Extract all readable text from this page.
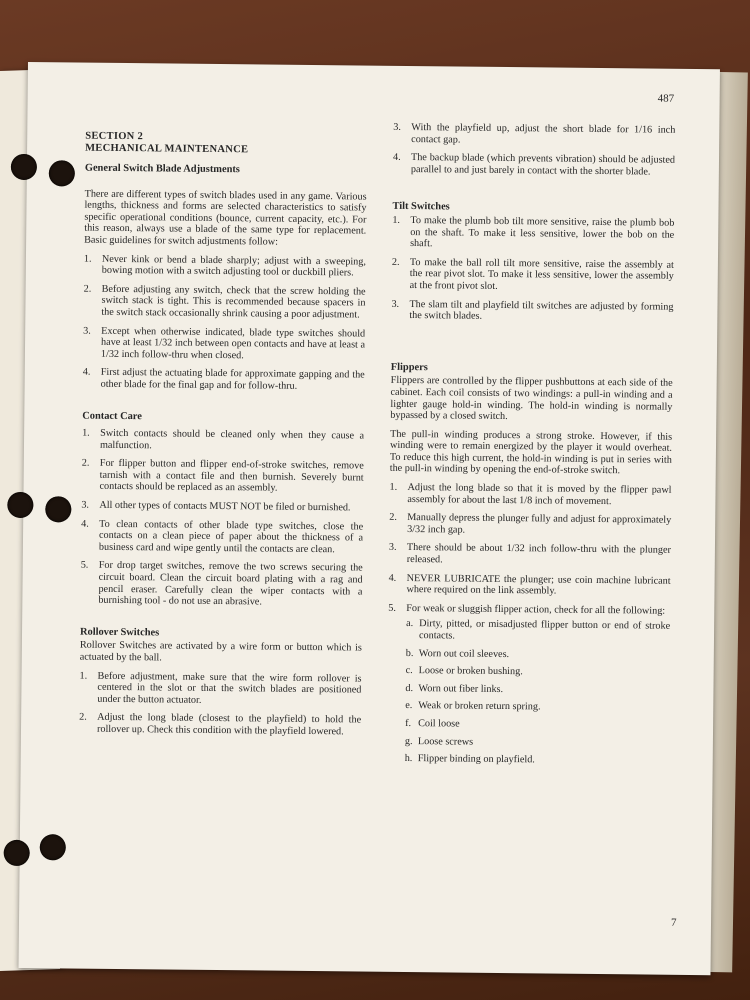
487
SECTION 2
MECHANICAL MAINTENANCE
General Switch Blade Adjustments

There are different types of switch blades used in any game. Various lengths, thickness and forms are selected characteristics to satisfy specific operational conditions (bounce, current capacity, etc.). For this reason, always use a blade of the same type for replacement. Basic guidelines for switch adjustments follow:

1.	Never kink or bend a blade sharply; adjust with a sweeping, bowing motion with a switch adjusting tool or duckbill pliers.
2.	Before adjusting any switch, check that the screw holding the switch stack is tight. This is recommended because spacers in the switch stack occasionally shrink causing a poor adjustment.
3.	Except when otherwise indicated, blade type switches should have at least 1/32 inch between open contacts and have at least a 1/32 inch follow-thru when closed.
4.	First adjust the actuating blade for approximate gapping and the other blade for the final gap and for follow-thru.
Contact Care
1.	Switch contacts should be cleaned only when they cause a malfunction.
2.	For flipper button and flipper end-of-stroke switches, remove tarnish with a contact file and then burnish. Severely burnt contacts should be replaced as an assembly.
3.	All other types of contacts MUST NOT be filed or burnished.
4.	To clean contacts of other blade type switches, close the contacts on a clean piece of paper about the thickness of a business card and wipe gently until the contacts are clean.
5.	For drop target switches, remove the two screws securing the circuit board. Clean the circuit board plating with a rag and pencil eraser. Carefully clean the wiper contacts with a burnishing tool - do not use an abrasive.
Rollover Switches

Rollover Switches are activated by a wire form or button which is actuated by the ball.

1.	Before adjustment, make sure that the wire form rollover is centered in the slot or that the switch blades are positioned under the button actuator.
2.	Adjust the long blade (closest to the playfield) to hold the rollover up. Check this condition with the playfield lowered.
3.	With the playfield up, adjust the short blade for 1/16 inch contact gap.
4.	The backup blade (which prevents vibration) should be adjusted parallel to and just barely in contact with the shorter blade.
Tilt Switches
1.	To make the plumb bob tilt more sensitive, raise the plumb bob on the shaft. To make it less sensitive, lower the bob on the shaft.
2.	To make the ball roll tilt more sensitive, raise the assembly at the rear pivot slot. To make it less sensitive, lower the assembly at the front pivot slot.
3.	The slam tilt and playfield tilt switches are adjusted by forming the switch blades.
Flippers

Flippers are controlled by the flipper pushbuttons at each side of the cabinet. Each coil consists of two windings: a pull-in winding and a lighter gauge hold-in winding. The hold-in winding is normally bypassed by a closed switch.

The pull-in winding produces a strong stroke. However, if this winding were to remain energized by the player it would overheat. To reduce this high current, the hold-in winding is put in series with the pull-in winding by opening the end-of-stroke switch.

1.	Adjust the long blade so that it is moved by the flipper pawl assembly for about the last 1/8 inch of movement.
2.	Manually depress the plunger fully and adjust for approximately 3/32 inch gap.
3.	There should be about 1/32 inch follow-thru with the plunger released.
4.	NEVER LUBRICATE the plunger; use coin machine lubricant where required on the link assembly.
5.	For weak or sluggish flipper action, check for all the following:
a. Dirty, pitted, or misadjusted flipper button or end of stroke contacts.
b. Worn out coil sleeves.
c. Loose or broken bushing.
d. Worn out fiber links.
e. Weak or broken return spring.
f. Coil loose
g. Loose screws
h. Flipper binding on playfield.
7
